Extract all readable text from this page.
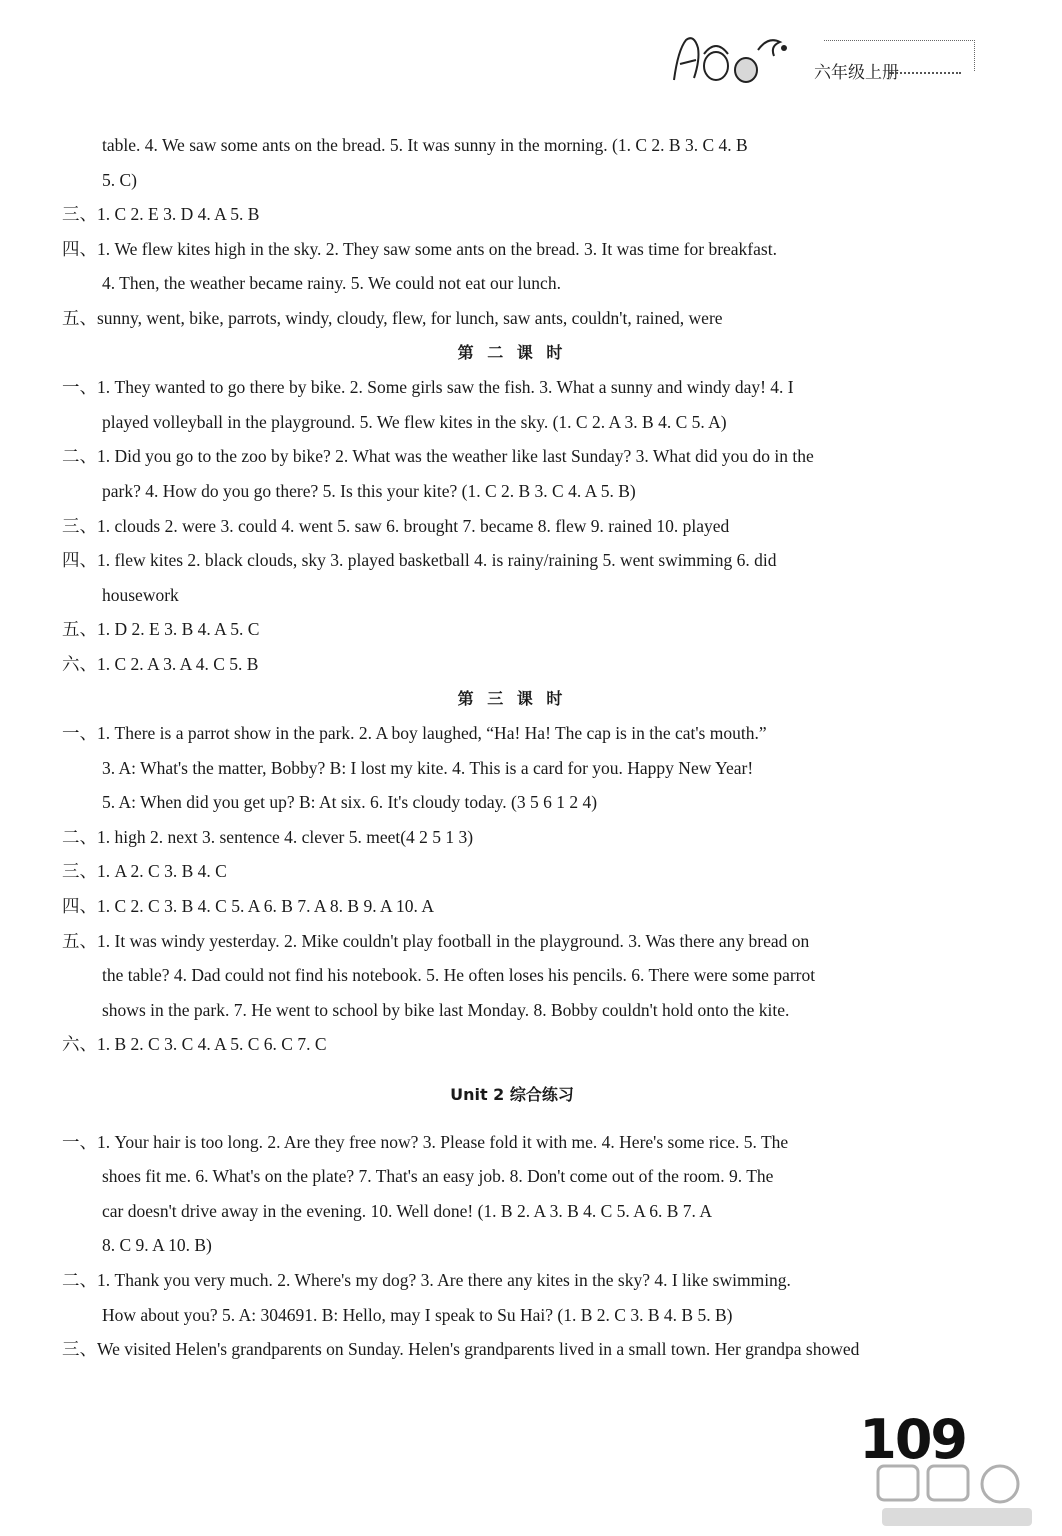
六年级上册
table. 4. We saw some ants on the bread. 5. It was sunny in the morning. (1. C 2. B 3. C 4. B
5. C)
三、1. C 2. E 3. D 4. A 5. B
四、1. We flew kites high in the sky. 2. They saw some ants on the bread. 3. It was time for breakfast.
4. Then, the weather became rainy. 5. We could not eat our lunch.
五、sunny, went, bike, parrots, windy, cloudy, flew, for lunch, saw ants, couldn't, rained, were
第 二 课 时
一、1. They wanted to go there by bike. 2. Some girls saw the fish. 3. What a sunny and windy day! 4. I
played volleyball in the playground. 5. We flew kites in the sky. (1. C 2. A 3. B 4. C 5. A)
二、1. Did you go to the zoo by bike? 2. What was the weather like last Sunday? 3. What did you do in the
park? 4. How do you go there? 5. Is this your kite? (1. C 2. B 3. C 4. A 5. B)
三、1. clouds 2. were 3. could 4. went 5. saw 6. brought 7. became 8. flew 9. rained 10. played
四、1. flew kites 2. black clouds, sky 3. played basketball 4. is rainy/raining 5. went swimming 6. did
housework
五、1. D 2. E 3. B 4. A 5. C
六、1. C 2. A 3. A 4. C 5. B
第 三 课 时
一、1. There is a parrot show in the park. 2. A boy laughed, “Ha! Ha! The cap is in the cat's mouth.”
3. A: What's the matter, Bobby? B: I lost my kite. 4. This is a card for you. Happy New Year!
5. A: When did you get up? B: At six. 6. It's cloudy today. (3 5 6 1 2 4)
二、1. high 2. next 3. sentence 4. clever 5. meet(4 2 5 1 3)
三、1. A 2. C 3. B 4. C
四、1. C 2. C 3. B 4. C 5. A 6. B 7. A 8. B 9. A 10. A
五、1. It was windy yesterday. 2. Mike couldn't play football in the playground. 3. Was there any bread on
the table? 4. Dad could not find his notebook. 5. He often loses his pencils. 6. There were some parrot
shows in the park. 7. He went to school by bike last Monday. 8. Bobby couldn't hold onto the kite.
六、1. B 2. C 3. C 4. A 5. C 6. C 7. C
Unit 2 综合练习
一、1. Your hair is too long. 2. Are they free now? 3. Please fold it with me. 4. Here's some rice. 5. The
shoes fit me. 6. What's on the plate? 7. That's an easy job. 8. Don't come out of the room. 9. The
car doesn't drive away in the evening. 10. Well done! (1. B 2. A 3. B 4. C 5. A 6. B 7. A
8. C 9. A 10. B)
二、1. Thank you very much. 2. Where's my dog? 3. Are there any kites in the sky? 4. I like swimming.
How about you? 5. A: 304691. B: Hello, may I speak to Su Hai? (1. B 2. C 3. B 4. B 5. B)
三、We visited Helen's grandparents on Sunday. Helen's grandparents lived in a small town. Her grandpa showed
109
